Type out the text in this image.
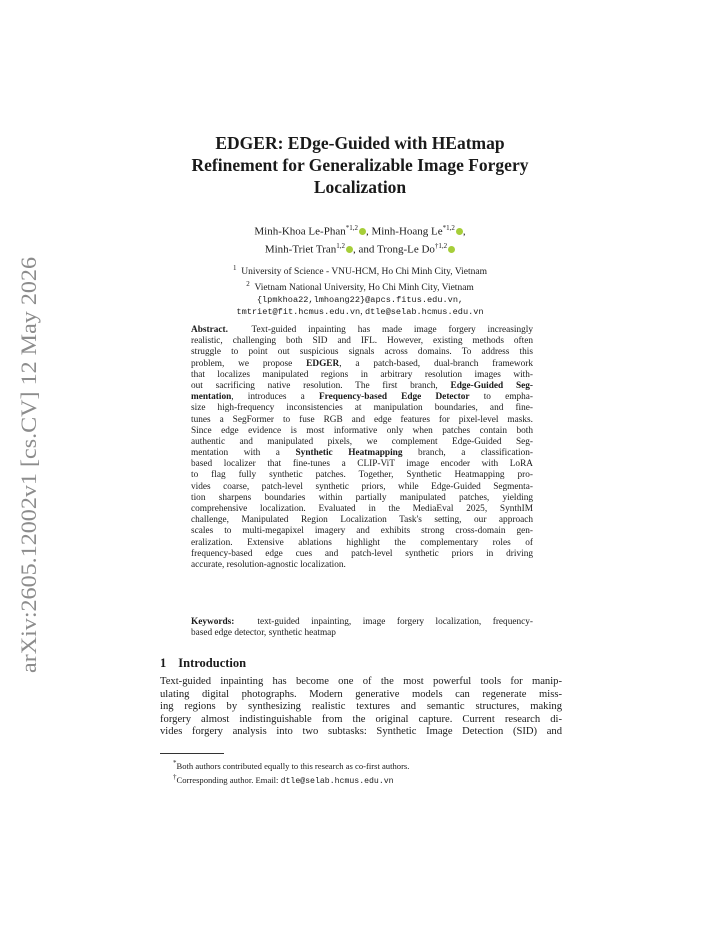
arXiv:2605.12002v1 [cs.CV] 12 May 2026
EDGER: EDge-Guided with HEatmap
Refinement for Generalizable Image Forgery
Localization
Minh-Khoa Le-Phan$^{*1,2}$ , Minh-Hoang Le$^{*1,2}$ ,
Minh-Triet Tran$^{1,2}$ , and Trong-Le Do$^{\dagger 1,2}$
$^1$ University of Science - VNU-HCM, Ho Chi Minh City, Vietnam
$^2$ Vietnam National University, Ho Chi Minh City, Vietnam
{lpmkhoa22,lmhoang22}@apcs.fitus.edu.vn,
tmtriet@fit.hcmus.edu.vn, dtle@selab.hcmus.edu.vn
Abstract.	Text-guided inpainting has made image forgery increasingly
realistic, challenging both SID and IFL. However, existing methods often
struggle to point out suspicious signals across domains. To address this
problem, we propose EDGER, a patch-based, dual-branch framework
that localizes manipulated regions in arbitrary resolution images with-
out sacrificing native resolution. The first branch, Edge-Guided Seg-
mentation, introduces a Frequency-based Edge Detector to empha-
size high-frequency inconsistencies at manipulation boundaries, and fine-
tunes a SegFormer to fuse RGB and edge features for pixel-level masks.
Since edge evidence is most informative only when patches contain both
authentic and manipulated pixels, we complement Edge-Guided Seg-
mentation with a Synthetic Heatmapping branch, a classification-
based localizer that fine-tunes a CLIP-ViT image encoder with LoRA
to flag fully synthetic patches. Together, Synthetic Heatmapping pro-
vides coarse, patch-level synthetic priors, while Edge-Guided Segmenta-
tion sharpens boundaries within partially manipulated patches, yielding
comprehensive localization. Evaluated in the MediaEval 2025, SynthIM
challenge, Manipulated Region Localization Task's setting, our approach
scales to multi-megapixel imagery and exhibits strong cross-domain gen-
eralization. Extensive ablations highlight the complementary roles of
frequency-based edge cues and patch-level synthetic priors in driving
accurate, resolution-agnostic localization.
Keywords: text-guided inpainting, image forgery localization, frequency-
based edge detector, synthetic heatmap
1 Introduction
Text-guided inpainting has become one of the most powerful tools for manip-
ulating digital photographs. Modern generative models can regenerate miss-
ing regions by synthesizing realistic textures and semantic structures, making
forgery almost indistinguishable from the original capture. Current research di-
vides forgery analysis into two subtasks: Synthetic Image Detection (SID) and
*Both authors contributed equally to this research as co-first authors.
†Corresponding author. Email: dtle@selab.hcmus.edu.vn
